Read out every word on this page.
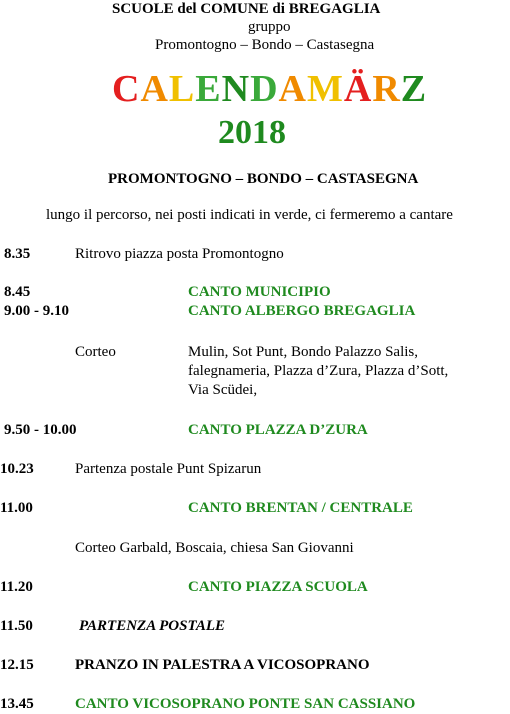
SCUOLE del COMUNE di BREGAGLIA
gruppo
Promontogno – Bondo – Castasegna
CALENDAMÄRZ
2018
PROMONTOGNO – BONDO – CASTASEGNA
lungo il percorso, nei posti indicati in verde, ci fermeremo a cantare
8.35	Ritrovo piazza posta Promontogno
8.45	CANTO MUNICIPIO
9.00 - 9.10	CANTO ALBERGO BREGAGLIA
Corteo	Mulin, Sot Punt, Bondo Palazzo Salis,
falegnameria, Plazza d’Zura, Plazza d’Sott,
Via Scüdei,
9.50 - 10.00	CANTO PLAZZA D’ZURA
10.23	Partenza postale Punt Spizarun
11.00	CANTO BRENTAN / CENTRALE
Corteo Garbald, Boscaia, chiesa San Giovanni
11.20	CANTO PIAZZA SCUOLA
11.50	PARTENZA POSTALE
12.15	PRANZO IN PALESTRA A VICOSOPRANO
13.45	CANTO VICOSOPRANO PONTE SAN CASSIANO
